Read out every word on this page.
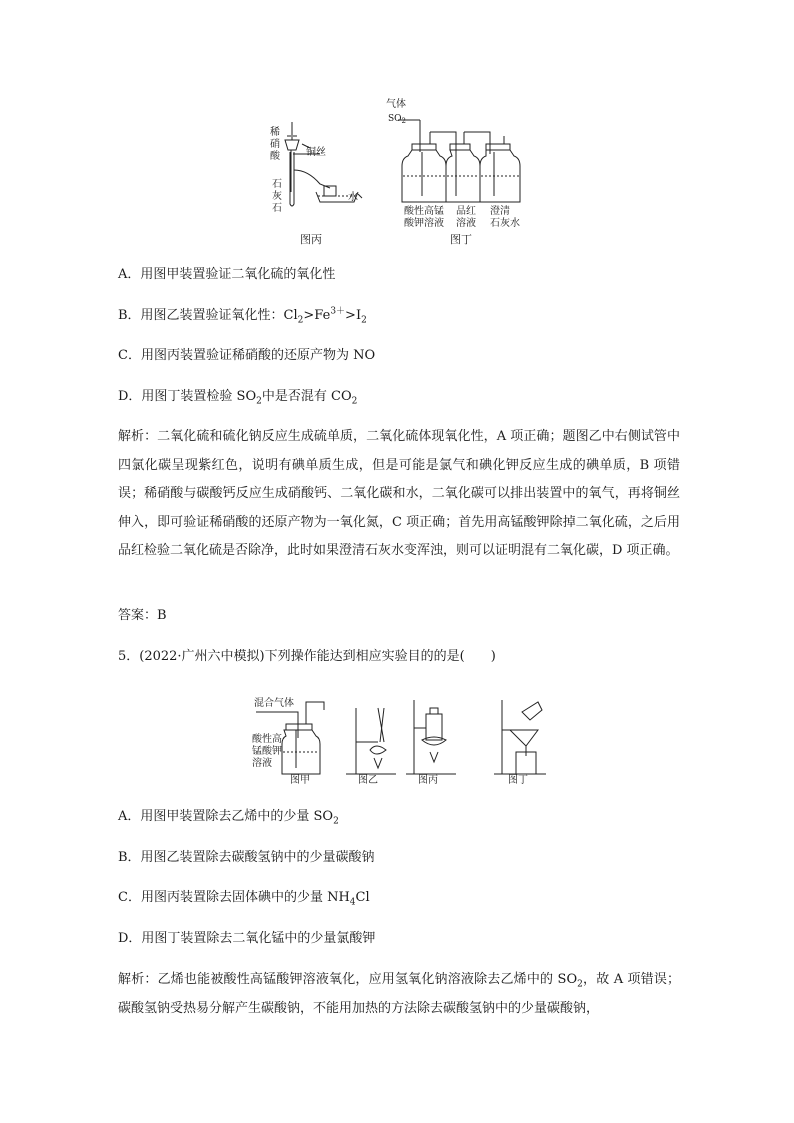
稀
硝
酸
石
灰
石
铜丝
水
图丙
气体
$SO_2$
酸性高锰
酸钾溶液
品红
溶液
澄清
石灰水
图丁
A．用图甲装置验证二氧化硫的氧化性
B．用图乙装置验证氧化性：$Cl_2>Fe^{3+}>I_2$
C．用图丙装置验证稀硝酸的还原产物为 NO
D．用图丁装置检验 $SO_2$中是否混有 $CO_2$
解析：二氧化硫和硫化钠反应生成硫单质，二氧化硫体现氧化性，A 项正确；题图乙中右侧试管中四氯化碳呈现紫红色，说明有碘单质生成，但是可能是氯气和碘化钾反应生成的碘单质，B 项错误；稀硝酸与碳酸钙反应生成硝酸钙、二氧化碳和水，二氧化碳可以排出装置中的氧气，再将铜丝伸入，即可验证稀硝酸的还原产物为一氧化氮，C 项正确；首先用高锰酸钾除掉二氧化硫，之后用品红检验二氧化硫是否除净，此时如果澄清石灰水变浑浊，则可以证明混有二氧化碳，D 项正确。
答案：B
5．(2022·广州六中模拟)下列操作能达到相应实验目的的是(　　)
混合气体
酸性高
锰酸钾
溶液
图甲	图乙	图丙	图丁
A．用图甲装置除去乙烯中的少量 $SO_2$
B．用图乙装置除去碳酸氢钠中的少量碳酸钠
C．用图丙装置除去固体碘中的少量 $NH_4Cl$
D．用图丁装置除去二氧化锰中的少量氯酸钾
解析：乙烯也能被酸性高锰酸钾溶液氧化，应用氢氧化钠溶液除去乙烯中的 $SO_2$，故 A 项错误；碳酸氢钠受热易分解产生碳酸钠，不能用加热的方法除去碳酸氢钠中的少量碳酸钠，
